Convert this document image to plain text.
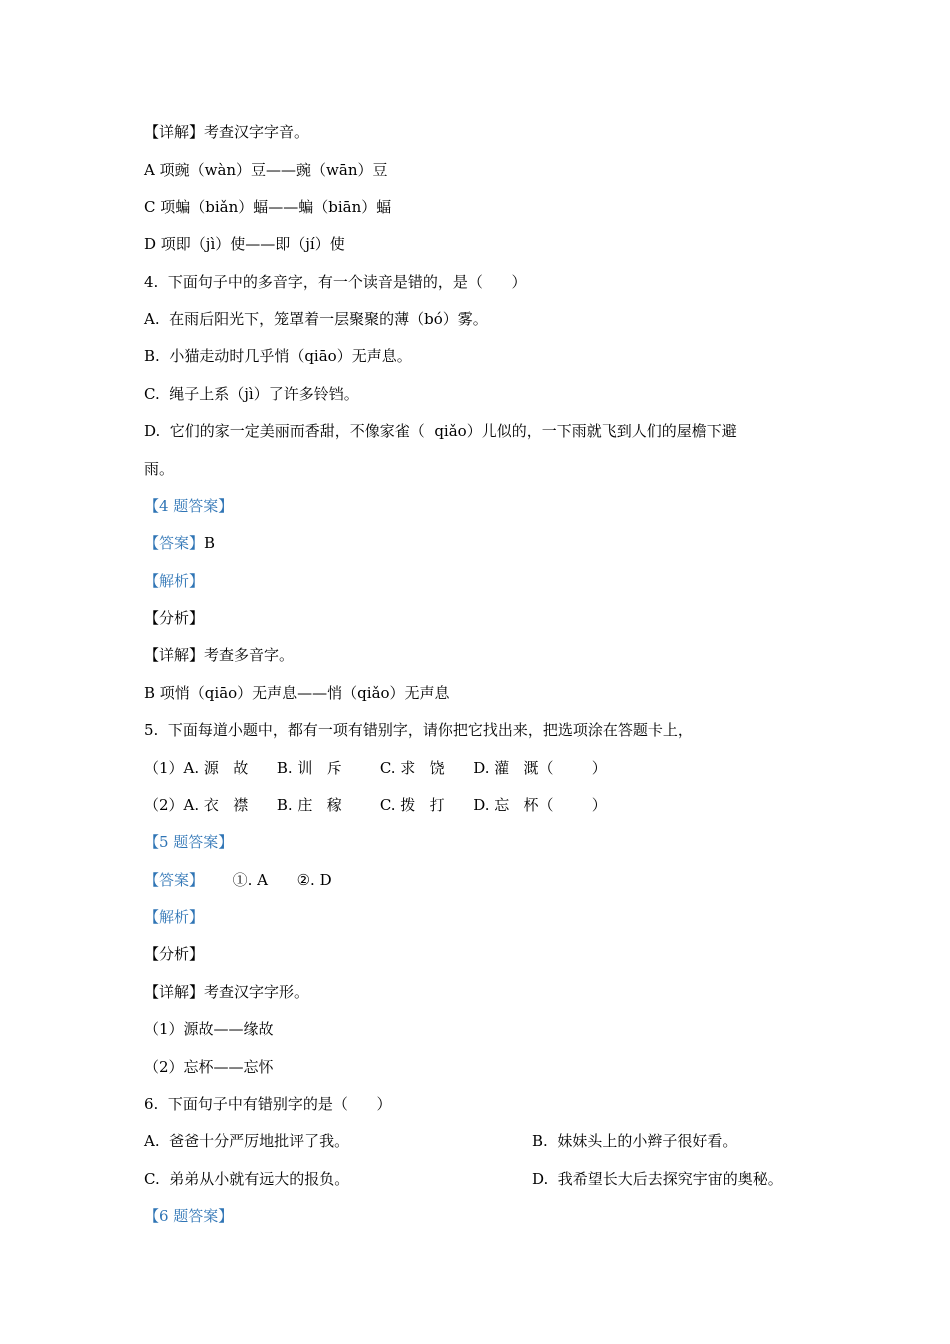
【详解】考查汉字字音。
A 项豌（wàn）豆——豌（wān）豆
C 项蝙（biǎn）蝠——蝙（biān）蝠
D 项即（jì）使——即（jí）使
4.  下面句子中的多音字，有一个读音是错的，是（      ）
A.  在雨后阳光下，笼罩着一层聚聚的薄（bó）雾。
B.  小猫走动时几乎悄（qiāo）无声息。
C.  绳子上系（jì）了许多铃铛。
D.  它们的家一定美丽而香甜，不像家雀（  qiǎo）儿似的，一下雨就飞到人们的屋檐下避
雨。
【4 题答案】
【答案】B
【解析】
【分析】
【详解】考查多音字。
B 项悄（qiāo）无声息——悄（qiǎo）无声息
5.  下面每道小题中，都有一项有错别字，请你把它找出来，把选项涂在答题卡上，
（1）A. 源   故      B. 训   斥        C. 求   饶      D. 灌   溉（        ）
（2）A. 衣   襟      B. 庄   稼        C. 拨   打      D. 忘   杯（        ）
【5 题答案】
【答案】      ①. A      ②. D
【解析】
【分析】
【详解】考查汉字字形。
（1）源故——缘故
（2）忘杯——忘怀
6.  下面句子中有错别字的是（      ）
A.  爸爸十分严厉地批评了我。	B.  妹妹头上的小辫子很好看。
C.  弟弟从小就有远大的报负。	D.  我希望长大后去探究宇宙的奥秘。
【6 题答案】
